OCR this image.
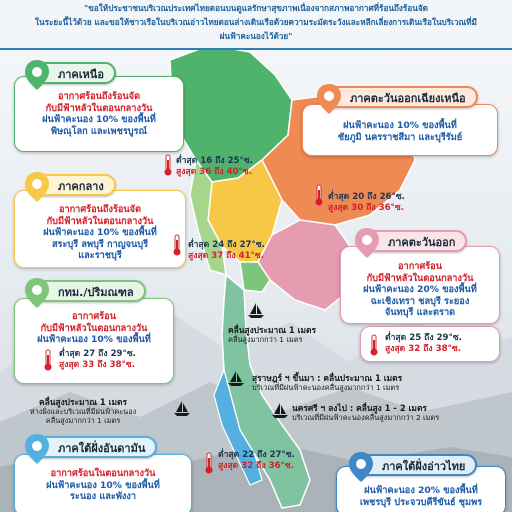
"ขอให้ประชาชนบริเวณประเทศไทยตอนบนดูแลรักษาสุขภาพเนื่องจากสภาพอากาศที่ร้อนถึงร้อนจัด

ในระยะนี้ไว้ด้วย และขอให้ชาวเรือในบริเวณอ่าวไทยตอนล่างเดินเรือด้วยความระมัดระวังและหลีกเลี่ยงการเดินเรือในบริเวณที่มี

ฝนฟ้าคะนองไว้ด้วย"

อากาศร้อนถึงร้อนจัด
กับมีฟ้าหลัวในตอนกลางวัน
ฝนฟ้าคะนอง 10% ของพื้นที่
พิษณุโลก และเพชรบูรณ์
ภาคเหนือ
ต่ำสุด 16 ถึง 25°ซ.
สูงสุด 36 ถึง 40°ซ.
ฝนฟ้าคะนอง 10% ของพื้นที่
ชัยภูมิ นครราชสีมา และบุรีรัมย์
ภาคตะวันออกเฉียงเหนือ
ต่ำสุด 20 ถึง 26°ซ.
สูงสุด 30 ถึง 36°ซ.
อากาศร้อนถึงร้อนจัด
กับมีฟ้าหลัวในตอนกลางวัน
ฝนฟ้าคะนอง 10% ของพื้นที่
สระบุรี ลพบุรี กาญจนบุรี
และราชบุรี
ภาคกลาง
ต่ำสุด 24 ถึง 27°ซ.
สูงสุด 37 ถึง 41°ซ.
อากาศร้อน
กับมีฟ้าหลัวในตอนกลางวัน
ฝนฟ้าคะนอง 20% ของพื้นที่
ฉะเชิงเทรา ชลบุรี ระยอง
จันทบุรี และตราด
ภาคตะวันออก
ต่ำสุด 25 ถึง 29°ซ.
สูงสุด 32 ถึง 38°ซ.
อากาศร้อน
กับมีฟ้าหลัวในตอนกลางวัน
ฝนฟ้าคะนอง 10% ของพื้นที่
ต่ำสุด 27 ถึง 29°ซ.
สูงสุด 33 ถึง 38°ซ.
กทม./ปริมณฑล
คลื่นสูงประมาณ 1 เมตร
คลื่นสูงมากกว่า 1 เมตร
สุราษฎร์ ฯ ขึ้นมา : คลื่นประมาณ 1 เมตร
บริเวณที่มีฝนฟ้าคะนองคลื่นสูงมากกว่า 1 เมตร
นครศรี ฯ ลงไป : คลื่นสูง 1 - 2 เมตร
บริเวณที่มีฝนฟ้าคะนองคลื่นสูงมากกว่า 2 เมตร
คลื่นสูงประมาณ 1 เมตร
ห่างฝั่งและบริเวณที่มีฝนฟ้าคะนอง
คลื่นสูงมากกว่า 1 เมตร
อากาศร้อนในตอนกลางวัน
ฝนฟ้าคะนอง 10% ของพื้นที่
ระนอง และพังงา
ภาคใต้ฝั่งอันดามัน	ต่ำสุด 22 ถึง 27°ซ.
สูงสุด 32 ถึง 36°ซ.
ฝนฟ้าคะนอง 20% ของพื้นที่
เพชรบุรี ประจวบคีรีขันธ์ ชุมพร
ภาคใต้ฝั่งอ่าวไทย
